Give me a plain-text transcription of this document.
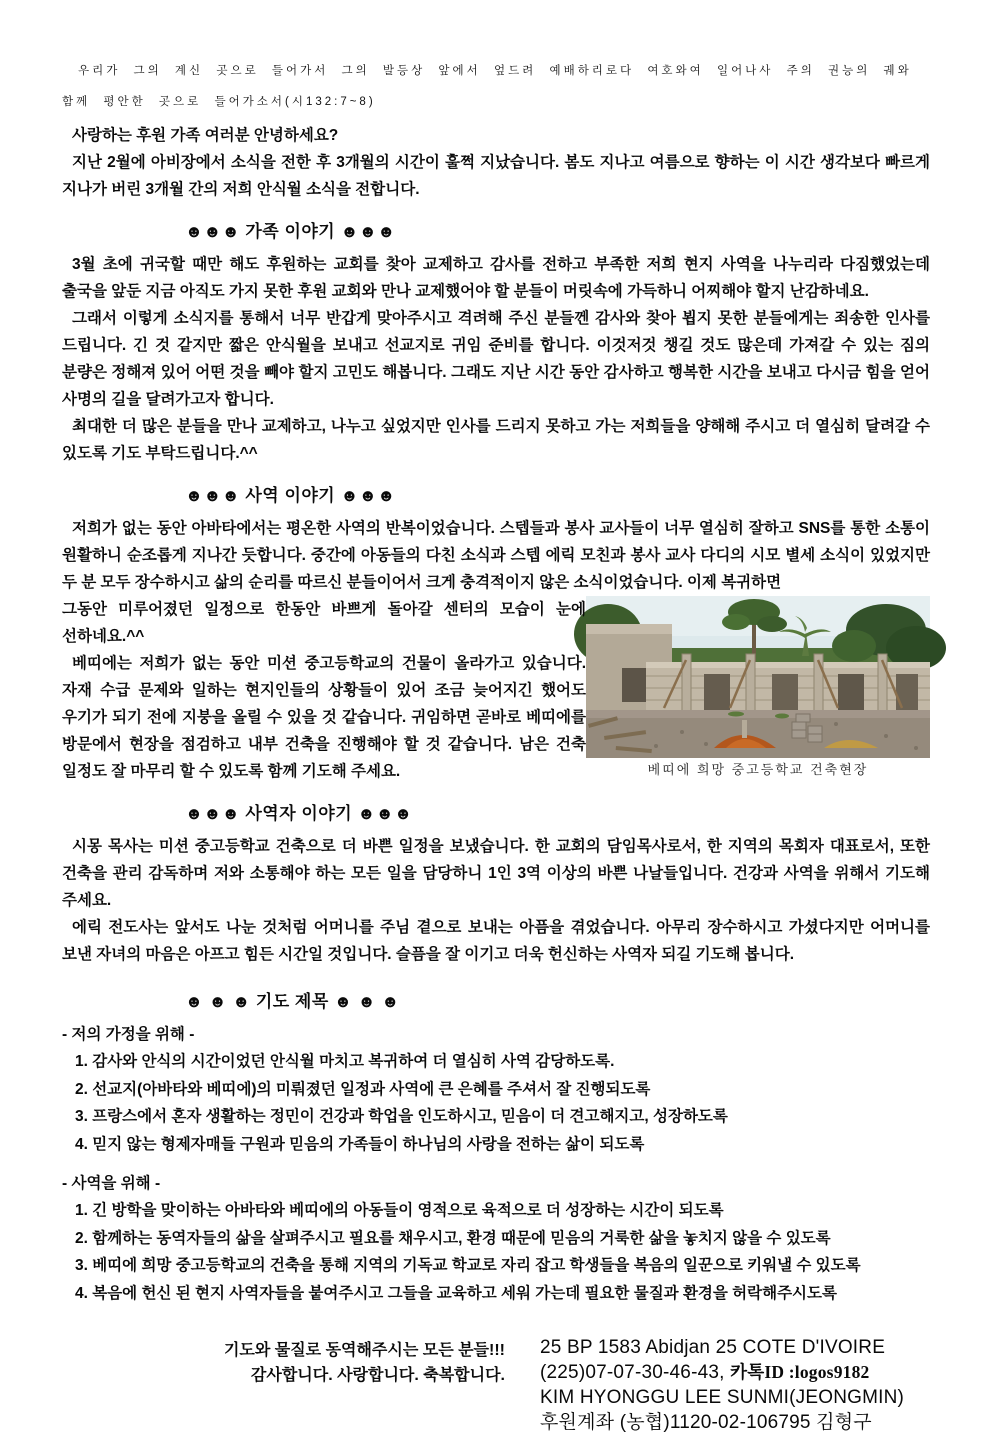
우리가 그의 계신 곳으로 들어가서 그의 발등상 앞에서 엎드려 예배하리로다 여호와여 일어나사 주의 권능의 궤와 함께 평안한 곳으로 들어가소서(시132:7~8)

사랑하는 후원 가족 여러분 안녕하세요?

지난 2월에 아비장에서 소식을 전한 후 3개월의 시간이 훌쩍 지났습니다. 봄도 지나고 여름으로 향하는 이 시간 생각보다 빠르게 지나가 버린 3개월 간의 저희 안식월 소식을 전합니다.

☻☻☻ 가족 이야기 ☻☻☻

3월 초에 귀국할 때만 해도 후원하는 교회를 찾아 교제하고 감사를 전하고 부족한 저희 현지 사역을 나누리라 다짐했었는데 출국을 앞둔 지금 아직도 가지 못한 후원 교회와 만나 교제했어야 할 분들이 머릿속에 가득하니 어찌해야 할지 난감하네요.

그래서 이렇게 소식지를 통해서 너무 반갑게 맞아주시고 격려해 주신 분들껜 감사와 찾아 뵙지 못한 분들에게는 죄송한 인사를 드립니다. 긴 것 같지만 짧은 안식월을 보내고 선교지로 귀임 준비를 합니다. 이것저것 챙길 것도 많은데 가져갈 수 있는 짐의 분량은 정해져 있어 어떤 것을 빼야 할지 고민도 해봅니다. 그래도 지난 시간 동안 감사하고 행복한 시간을 보내고 다시금 힘을 얻어 사명의 길을 달려가고자 합니다.

최대한 더 많은 분들을 만나 교제하고, 나누고 싶었지만 인사를 드리지 못하고 가는 저희들을 양해해 주시고 더 열심히 달려갈 수 있도록 기도 부탁드립니다.^^

☻☻☻ 사역 이야기 ☻☻☻

저희가 없는 동안 아바타에서는 평온한 사역의 반복이었습니다. 스텝들과 봉사 교사들이 너무 열심히 잘하고 SNS를 통한 소통이 원활하니 순조롭게 지나간 듯합니다. 중간에 아동들의 다친 소식과 스텝 에릭 모친과 봉사 교사 다디의 시모 별세 소식이 있었지만 두 분 모두 장수하시고 삶의 순리를 따르신 분들이어서 크게 충격적이지 않은 소식이었습니다. 이제 복귀하면

베띠에 희망 중고등학교 건축현장

그동안 미루어졌던 일정으로 한동안 바쁘게 돌아갈 센터의 모습이 눈에 선하네요.^^

베띠에는 저희가 없는 동안 미션 중고등학교의 건물이 올라가고 있습니다. 자재 수급 문제와 일하는 현지인들의 상황들이 있어 조금 늦어지긴 했어도 우기가 되기 전에 지붕을 올릴 수 있을 것 같습니다. 귀임하면 곧바로 베띠에를 방문에서 현장을 점검하고 내부 건축을 진행해야 할 것 같습니다. 남은 건축 일정도 잘 마무리 할 수 있도록 함께 기도해 주세요.

☻☻☻ 사역자 이야기 ☻☻☻

시몽 목사는 미션 중고등학교 건축으로 더 바쁜 일정을 보냈습니다. 한 교회의 담임목사로서, 한 지역의 목회자 대표로서, 또한 건축을 관리 감독하며 저와 소통해야 하는 모든 일을 담당하니 1인 3역 이상의 바쁜 나날들입니다. 건강과 사역을 위해서 기도해 주세요.

에릭 전도사는 앞서도 나눈 것처럼 어머니를 주님 곁으로 보내는 아픔을 겪었습니다. 아무리 장수하시고 가셨다지만 어머니를 보낸 자녀의 마음은 아프고 힘든 시간일 것입니다. 슬픔을 잘 이기고 더욱 헌신하는 사역자 되길 기도해 봅니다.

☻ ☻ ☻ 기도 제목 ☻ ☻ ☻

- 저의 가정을 위해 -

1. 감사와 안식의 시간이었던 안식월 마치고 복귀하여 더 열심히 사역 감당하도록.
2. 선교지(아바타와 베띠에)의 미뤄졌던 일정과 사역에 큰 은혜를 주셔서 잘 진행되도록
3. 프랑스에서 혼자 생활하는 정민이 건강과 학업을 인도하시고, 믿음이 더 견고해지고, 성장하도록
4. 믿지 않는 형제자매들 구원과 믿음의 가족들이 하나님의 사랑을 전하는 삶이 되도록

- 사역을 위해 -

1. 긴 방학을 맞이하는 아바타와 베띠에의 아동들이 영적으로 육적으로 더 성장하는 시간이 되도록
2. 함께하는 동역자들의 삶을 살펴주시고 필요를 채우시고, 환경 때문에 믿음의 거룩한 삶을 놓치지 않을 수 있도록
3. 베띠에 희망 중고등학교의 건축을 통해 지역의 기독교 학교로 자리 잡고 학생들을 복음의 일꾼으로 키워낼 수 있도록
4. 복음에 헌신 된 현지 사역자들을 붙여주시고 그들을 교육하고 세워 가는데 필요한 물질과 환경을 허락해주시도록
기도와 물질로 동역해주시는 모든 분들!!!
감사합니다. 사랑합니다. 축복합니다.
25 BP 1583 Abidjan 25 COTE D'IVOIRE
(225)07-07-30-46-43, 카톡ID :logos9182
KIM HYONGGU LEE SUNMI(JEONGMIN)
후원계좌 (농협)1120-02-106795 김형구
